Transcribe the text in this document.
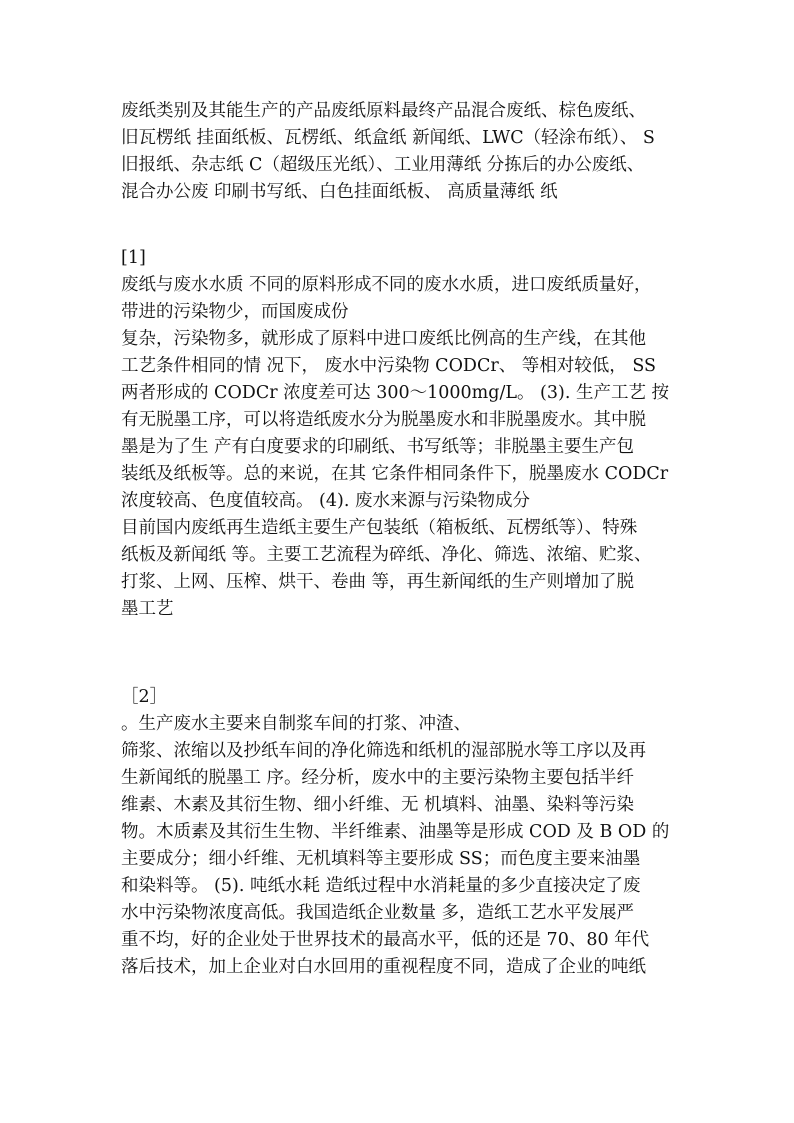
废纸类别及其能生产的产品废纸原料最终产品混合废纸、棕色废纸、
旧瓦楞纸 挂面纸板、瓦楞纸、纸盒纸 新闻纸、LWC（轻涂布纸）、 S
旧报纸、杂志纸 C（超级压光纸）、工业用薄纸 分拣后的办公废纸、
混合办公废 印刷书写纸、白色挂面纸板、 高质量薄纸 纸
[1]
废纸与废水水质 不同的原料形成不同的废水水质，进口废纸质量好，
带进的污染物少，而国废成份
复杂，污染物多，就形成了原料中进口废纸比例高的生产线，在其他
工艺条件相同的情 况下， 废水中污染物 CODCr、 等相对较低， SS
两者形成的 CODCr 浓度差可达 300～1000mg/L。 (3). 生产工艺 按
有无脱墨工序，可以将造纸废水分为脱墨废水和非脱墨废水。其中脱
墨是为了生 产有白度要求的印刷纸、书写纸等；非脱墨主要生产包
装纸及纸板等。总的来说，在其 它条件相同条件下，脱墨废水 CODCr
浓度较高、色度值较高。 (4). 废水来源与污染物成分
目前国内废纸再生造纸主要生产包装纸（箱板纸、瓦楞纸等）、特殊
纸板及新闻纸 等。主要工艺流程为碎纸、净化、筛选、浓缩、贮浆、
打浆、上网、压榨、烘干、卷曲 等，再生新闻纸的生产则增加了脱
墨工艺
［2］
。生产废水主要来自制浆车间的打浆、冲渣、
筛浆、浓缩以及抄纸车间的净化筛选和纸机的湿部脱水等工序以及再
生新闻纸的脱墨工 序。经分析，废水中的主要污染物主要包括半纤
维素、木素及其衍生物、细小纤维、无 机填料、油墨、染料等污染
物。木质素及其衍生生物、半纤维素、油墨等是形成 COD 及 B OD 的
主要成分；细小纤维、无机填料等主要形成 SS；而色度主要来油墨
和染料等。 (5). 吨纸水耗 造纸过程中水消耗量的多少直接决定了废
水中污染物浓度高低。我国造纸企业数量 多，造纸工艺水平发展严
重不均，好的企业处于世界技术的最高水平，低的还是 70、80 年代
落后技术，加上企业对白水回用的重视程度不同，造成了企业的吨纸
